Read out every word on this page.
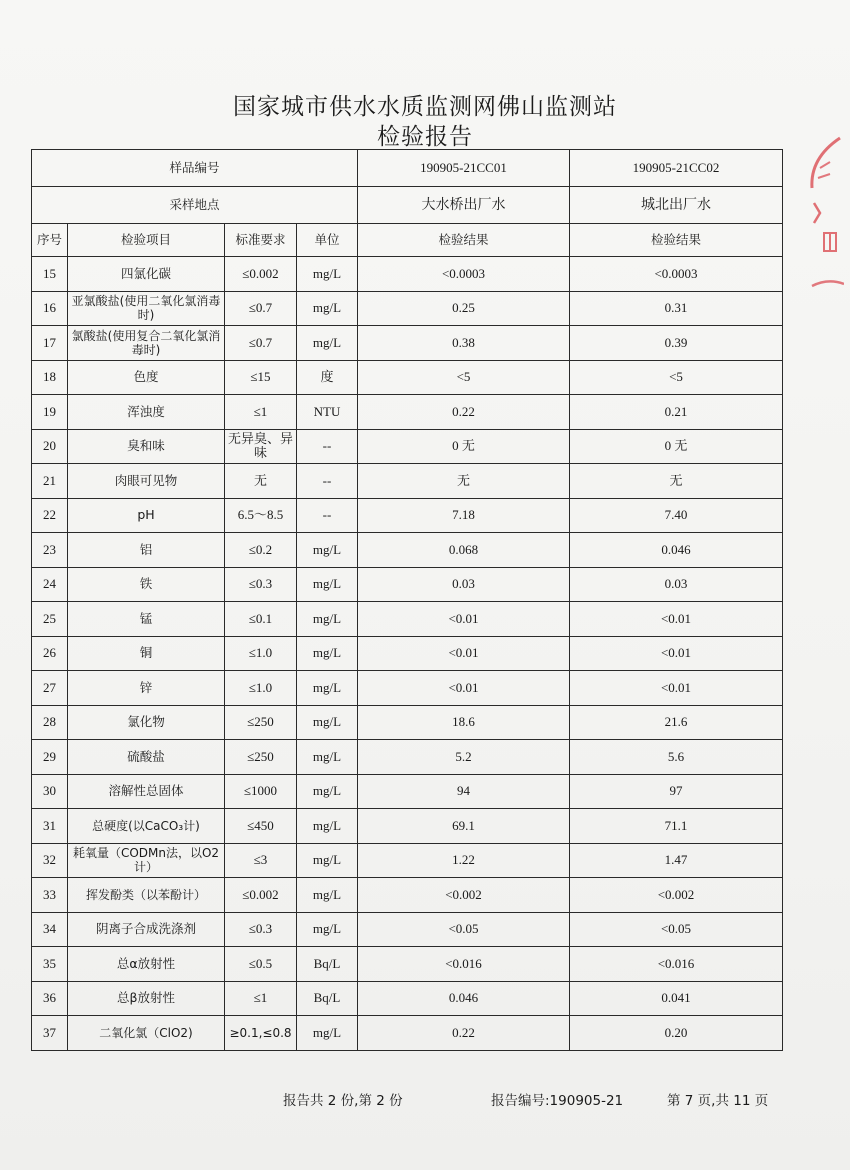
国家城市供水水质监测网佛山监测站
检验报告
样品编号				190905-21CC01	190905-21CC02
采样地点				大水桥出厂水	城北出厂水
序号	检验项目	标准要求	单位	检验结果	检验结果
15	四氯化碳	≤0.002	mg/L	<0.0003	<0.0003
16	亚氯酸盐(使用二氧化氯消毒时)	≤0.7	mg/L	0.25	0.31
17	氯酸盐(使用复合二氧化氯消毒时)	≤0.7	mg/L	0.38	0.39
18	色度	≤15	度	<5	<5
19	浑浊度	≤1	NTU	0.22	0.21
20	臭和味	无异臭、异味	--	0 无	0 无
21	肉眼可见物	无	--	无	无
22	pH	6.5～8.5	--	7.18	7.40
23	铝	≤0.2	mg/L	0.068	0.046
24	铁	≤0.3	mg/L	0.03	0.03
25	锰	≤0.1	mg/L	<0.01	<0.01
26	铜	≤1.0	mg/L	<0.01	<0.01
27	锌	≤1.0	mg/L	<0.01	<0.01
28	氯化物	≤250	mg/L	18.6	21.6
29	硫酸盐	≤250	mg/L	5.2	5.6
30	溶解性总固体	≤1000	mg/L	94	97
31	总硬度(以CaCO₃计)	≤450	mg/L	69.1	71.1
32	耗氧量（CODMn法，以O2计）	≤3	mg/L	1.22	1.47
33	挥发酚类（以苯酚计）	≤0.002	mg/L	<0.002	<0.002
34	阴离子合成洗涤剂	≤0.3	mg/L	<0.05	<0.05
35	总α放射性	≤0.5	Bq/L	<0.016	<0.016
36	总β放射性	≤1	Bq/L	0.046	0.041
37	二氧化氯（ClO2)	≥0.1,≤0.8	mg/L	0.22	0.20
报告共 2 份,第 2 份	报告编号:190905-21	第 7 页,共 11 页
